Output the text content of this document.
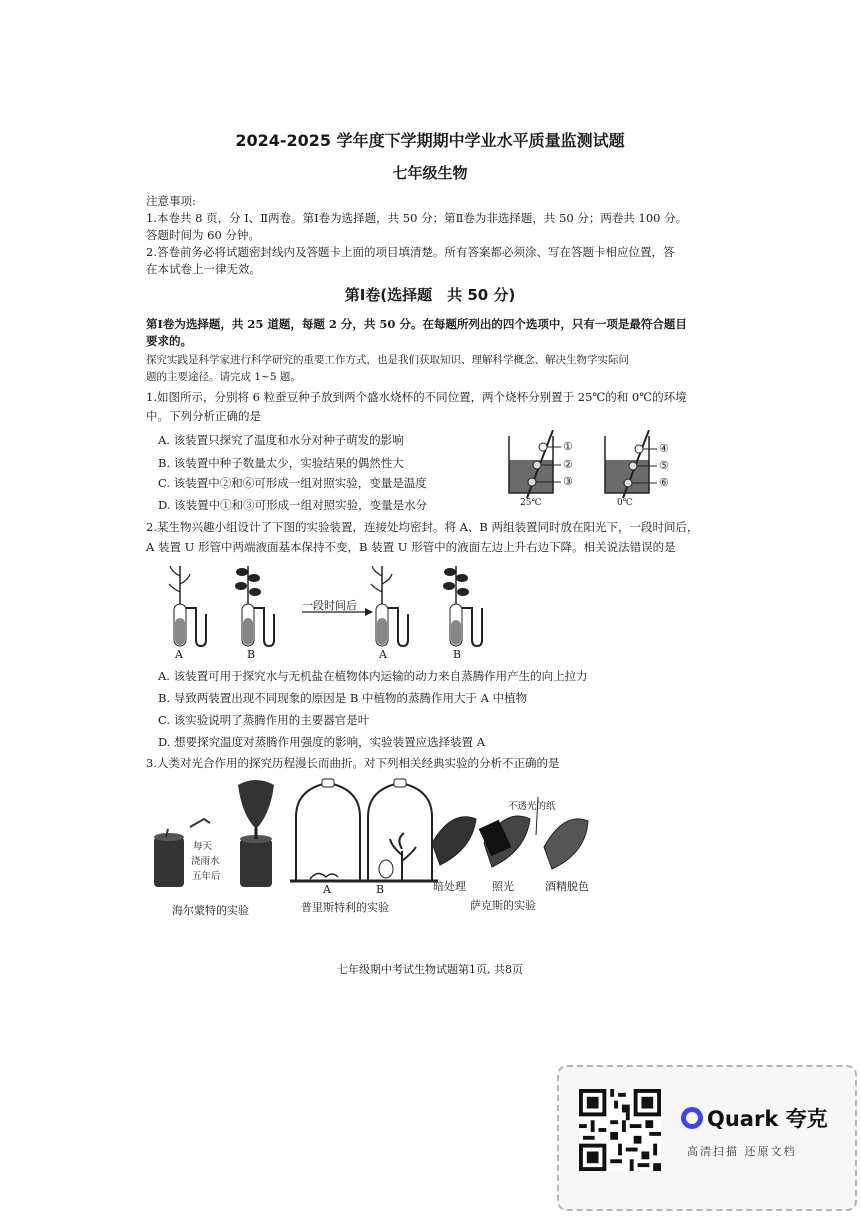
2024-2025 学年度下学期期中学业水平质量监测试题
七年级生物
注意事项:
1.本卷共 8 页，分 Ⅰ、Ⅱ两卷。第Ⅰ卷为选择题，共 50 分；第Ⅱ卷为非选择题，共 50 分；两卷共 100 分。
答题时间为 60 分钟。
2.答卷前务必将试题密封线内及答题卡上面的项目填清楚。所有答案都必须涂、写在答题卡相应位置，答
在本试卷上一律无效。
第Ⅰ卷(选择题　共 50 分)
第Ⅰ卷为选择题，共 25 道题，每题 2 分，共 50 分。在每题所列出的四个选项中，只有一项是最符合题目
要求的。
探究实践是科学家进行科学研究的重要工作方式，也是我们获取知识、理解科学概念、解决生物学实际问
题的主要途径。请完成 1~5 题。
1.如图所示，分别将 6 粒蚕豆种子放到两个盛水烧杯的不同位置，两个烧杯分别置于 25℃的和 0℃的环境
中。下列分析正确的是
A. 该装置只探究了温度和水分对种子萌发的影响
B. 该装置中种子数量太少，实验结果的偶然性大
C. 该装置中②和⑥可形成一组对照实验，变量是温度
D. 该装置中①和③可形成一组对照实验，变量是水分
①
②
③
④
⑤
⑥
25℃	0℃
2.某生物兴趣小组设计了下图的实验装置，连接处均密封。将 A、B 两组装置同时放在阳光下，一段时间后，
A 装置 U 形管中两端液面基本保持不变，B 装置 U 形管中的液面左边上升右边下降。相关说法错误的是
一段时间后
A	B	A	B
A. 该装置可用于探究水与无机盐在植物体内运输的动力来自蒸腾作用产生的向上拉力
B. 导致两装置出现不同现象的原因是 B 中植物的蒸腾作用大于 A 中植物
C. 该实验说明了蒸腾作用的主要器官是叶
D. 想要探究温度对蒸腾作用强度的影响，实验装置应选择装置 A
3.人类对光合作用的探究历程漫长而曲折。对下列相关经典实验的分析不正确的是
每天
浇雨水
五年后
海尔蒙特的实验
A	B
普里斯特利的实验
不透光的纸
暗处理 照光	酒精脱色
萨克斯的实验
七年级期中考试生物试题第1页, 共8页
Quark 夸克
高清扫描 还原文档
